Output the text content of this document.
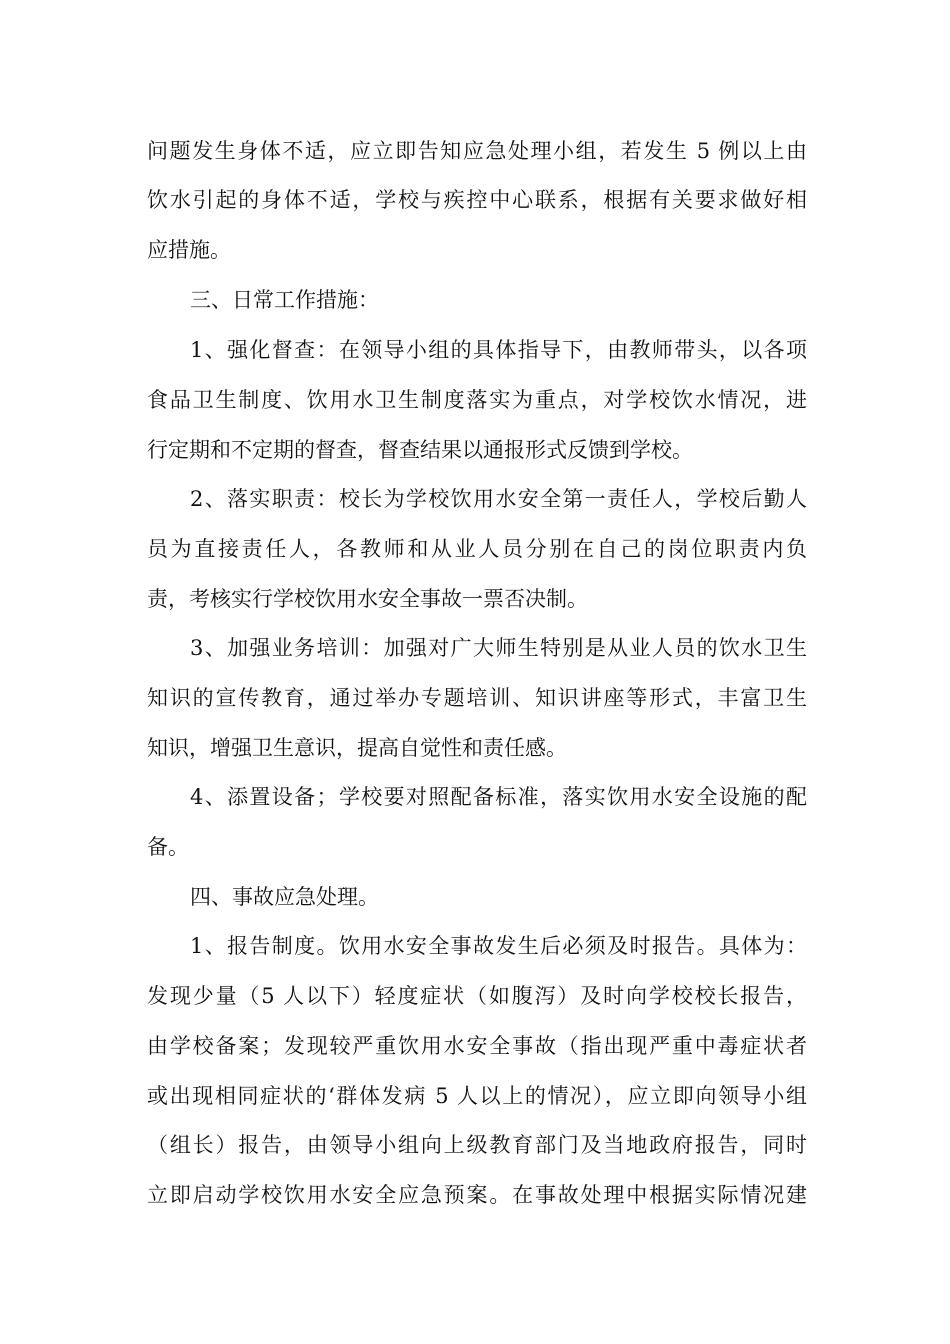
问题发生身体不适，应立即告知应急处理小组，若发生 5 例以上由
饮水引起的身体不适，学校与疾控中心联系，根据有关要求做好相
应措施。
三、日常工作措施：
1、强化督查：在领导小组的具体指导下，由教师带头，以各项
食品卫生制度、饮用水卫生制度落实为重点，对学校饮水情况，进
行定期和不定期的督查，督查结果以通报形式反馈到学校。
2、落实职责：校长为学校饮用水安全第一责任人，学校后勤人
员为直接责任人，各教师和从业人员分别在自己的岗位职责内负
责，考核实行学校饮用水安全事故一票否决制。
3、加强业务培训：加强对广大师生特别是从业人员的饮水卫生
知识的宣传教育，通过举办专题培训、知识讲座等形式，丰富卫生
知识，增强卫生意识，提高自觉性和责任感。
4、添置设备；学校要对照配备标准，落实饮用水安全设施的配
备。
四、事故应急处理。
1、报告制度。饮用水安全事故发生后必须及时报告。具体为：
发现少量（5 人以下）轻度症状（如腹泻）及时向学校校长报告，
由学校备案；发现较严重饮用水安全事故（指出现严重中毒症状者
或出现相同症状的‘群体发病 5 人以上的情况），应立即向领导小组
（组长）报告，由领导小组向上级教育部门及当地政府报告，同时
立即启动学校饮用水安全应急预案。在事故处理中根据实际情况建
